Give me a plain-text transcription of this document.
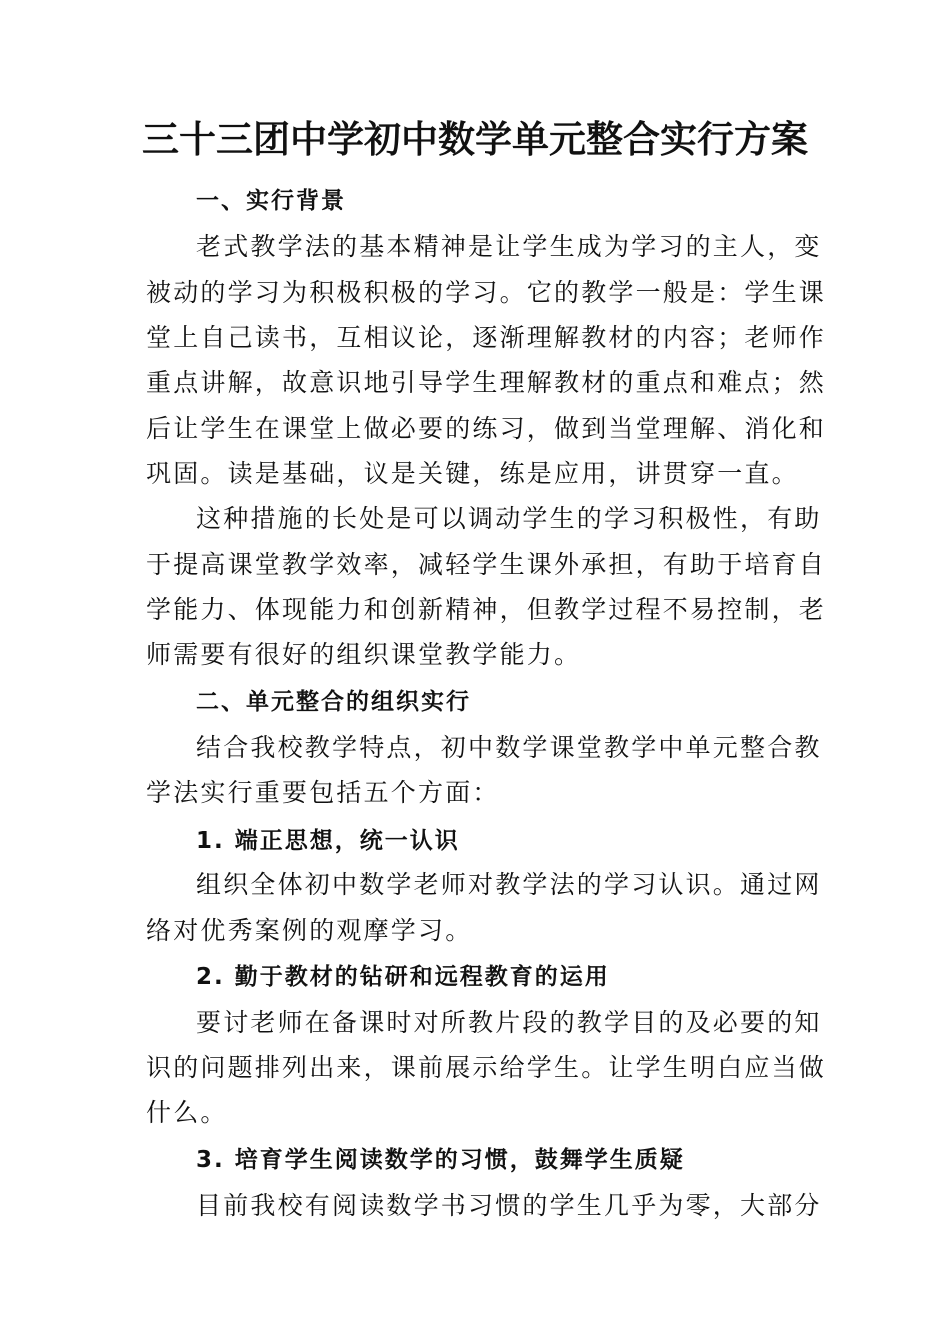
三十三团中学初中数学单元整合实行方案
一、实行背景
老式教学法的基本精神是让学生成为学习的主人，变
被动的学习为积极积极的学习。它的教学一般是：学生课
堂上自己读书，互相议论，逐渐理解教材的内容；老师作
重点讲解，故意识地引导学生理解教材的重点和难点；然
后让学生在课堂上做必要的练习，做到当堂理解、消化和
巩固。读是基础，议是关键，练是应用，讲贯穿一直。
这种措施的长处是可以调动学生的学习积极性，有助
于提高课堂教学效率，减轻学生课外承担，有助于培育自
学能力、体现能力和创新精神，但教学过程不易控制，老
师需要有很好的组织课堂教学能力。
二、单元整合的组织实行
结合我校教学特点，初中数学课堂教学中单元整合教
学法实行重要包括五个方面：
1. 端正思想，统一认识
组织全体初中数学老师对教学法的学习认识。通过网
络对优秀案例的观摩学习。
2. 勤于教材的钻研和远程教育的运用
要讨老师在备课时对所教片段的教学目的及必要的知
识的问题排列出来，课前展示给学生。让学生明白应当做
什么。
3. 培育学生阅读数学的习惯，鼓舞学生质疑
目前我校有阅读数学书习惯的学生几乎为零，大部分
